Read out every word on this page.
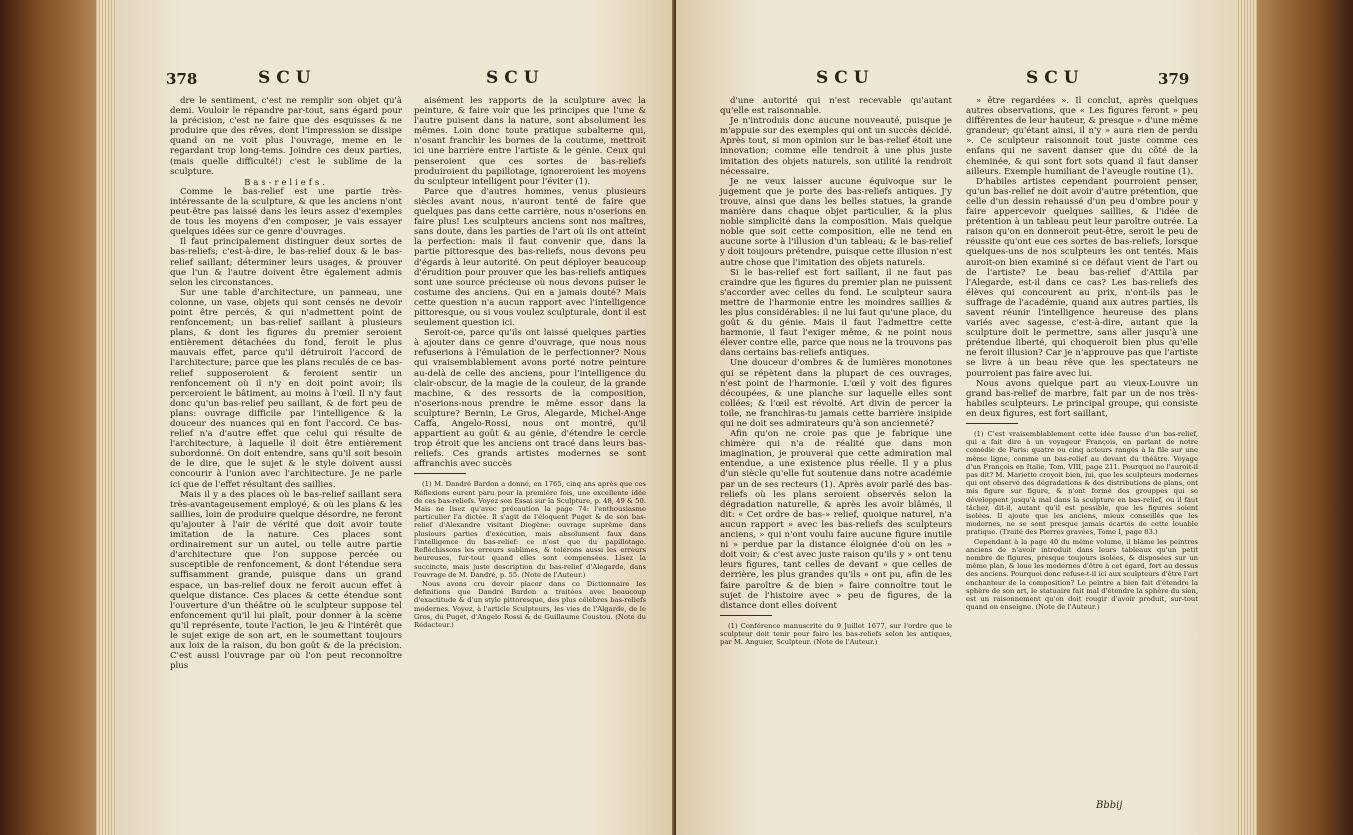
378	SCU	SCU

dre le sentiment, c'est ne remplir son objet qu'à demi. Vouloir le répandre par-tout, sans égard pour la précision, c'est ne faire que des esquisses & ne produire que des rêves, dont l'impression se dissipe quand on ne voit plus l'ouvrage, meme en le regardant trop long-tems. Joindre ces deux parties, (mais quelle difficulté!) c'est le sublime de la sculpture.

Bas-reliefs.

Comme le bas-relief est une partie très-intéressante de la sculpture, & que les anciens n'ont peut-être pas laissé dans les leurs assez d'exemples de tous les moyens d'en composer, je vais essayer quelques idées sur ce genre d'ouvrages.

Il faut principalement distinguer deux sortes de bas-reliefs; c'est-à-dire, le bas-relief doux & le bas-relief saillant; déterminer leurs usages, & prouver que l'un & l'autre doivent être également admis selon les circonstances.

Sur une table d'architecture, un panneau, une colonne, un vase, objets qui sont censés ne devoir point être percés, & qui n'admettent point de renfoncement; un bas-relief saillant à plusieurs plans, & dont les figures du premier seroient entièrement détachées du fond, feroit le plus mauvais effet, parce qu'il détruiroit l'accord de l'architecture; parce que les plans reculés de ce bas-relief supposeroient & feroient sentir un renfoncement où il n'y en doit point avoir; ils perceroient le bâtiment, au moins à l'œil. Il n'y faut donc qu'un bas-relief peu saillant, & de fort peu de plans: ouvrage difficile par l'intelligence & la douceur des nuances qui en font l'accord. Ce bas-relief n'a d'autre effet que celui qui résulte de l'architecture, à laquelle il doit être entièrement subordonné. On doit entendre, sans qu'il soit besoin de le dire, que le sujet & le style doivent aussi concourir à l'union avec l'architecture. Je ne parle ici que de l'effet résultant des saillies.

Mais il y a des places où le bas-relief saillant sera très-avantageusement employé, & où les plans & les saillies, loin de produire quelque désordre, ne feront qu'ajouter à l'air de vérité que doit avoir toute imitation de la nature. Ces places sont ordinairement sur un autel, ou telle autre partie d'architecture que l'on suppose percée ou susceptible de renfoncement, & dont l'étendue sera suffisamment grande, puisque dans un grand espace, un bas-relief doux ne feroit aucun effet à quelque distance. Ces places & cette étendue sont l'ouverture d'un théâtre où le sculpteur suppose tel enfoncement qu'il lui plaît, pour donner à la scène qu'il représente, toute l'action, le jeu & l'intérêt que le sujet exige de son art, en le soumettant toujours aux loix de la raison, du bon goût & de la précision. C'est aussi l'ouvrage par où l'on peut reconnoître plus

aisément les rapports de la sculpture avec la peinture, & faire voir que les principes que l'une & l'autre puisent dans la nature, sont absolument les mêmes. Loin donc toute pratique subalterne qui, n'osant franchir les bornes de la coutume, mettroit ici une barrière entre l'artiste & le génie. Ceux qui penseroient que ces sortes de bas-reliefs produiroient du papillotage, ignoreroient les moyens du sculpteur intelligent pour l'éviter (1).

Parce que d'autres hommes, venus plusieurs siècles avant nous, n'auront tenté de faire que quelques pas dans cette carrière, nous n'oserions en faire plus! Les sculpteurs anciens sont nos maîtres, sans doute, dans les parties de l'art où ils ont atteint la perfection: mais il faut convenir que, dans la partie pittoresque des bas-reliefs, nous devons peu d'égards à leur autorité. On peut déployer beaucoup d'érudition pour prouver que les bas-reliefs antiques sont une source précieuse où nous devons puiser le costume des anciens. Qui en a jamais douté? Mais cette question n'a aucun rapport avec l'intelligence pittoresque, ou si vous voulez sculpturale, dont il est seulement question ici.

Seroit-ce, parce qu'ils ont laissé quelques parties à ajouter dans ce genre d'ouvrage, que nous nous refuserions à l'émulation de le perfectionner? Nous qui vraisemblablement avons porté notre peinture au-delà de celle des anciens, pour l'intelligence du clair-obscur, de la magie de la couleur, de la grande machine, & des ressorts de la composition, n'oserions-nous prendre le même essor dans la sculpture? Bernin, Le Gros, Alegarde, Michel-Ange Caffa, Angelo-Rossi, nous ont montré, qu'il appartient au goût & au génie, d'étendre le cercle trop étroit que les anciens ont tracé dans leurs bas-reliefs. Ces grands artistes modernes se sont affranchis avec succès

(1) M. Dandré Bardon a donné, en 1765, cinq ans après que ces Réflexions eurent paru pour la première fois, une excellente idée de ces bas-reliefs. Voyez son Essai sur la Sculpture, p. 48, 49 & 50. Mais ne lisez qu'avec précaution la page 74: l'enthousiasme particulier l'a dictée. Il s'agit de l'éloquent Puget & de son bas-relief d'Alexandre visitant Diogène: ouvrage suprême dans plusieurs parties d'exécution, mais absolument faux dans l'intelligence du bas-relief: ce n'est que du papillotage. Refléchissons les erreurs sublimes, & tolérons aussi les erreurs heureuses, fur-tout quand elles sont compensées. Lisez la succincte, mais juste description du bas-relief d'Alegarde, dans l'ouvrage de M. Dandré, p. 55. (Note de l'Auteur.)

Nous avons cru devoir placer dans ce Dictionnaire les definitions que Dandré Bardon a traitées avec beaucoup d'exactitude & d'un style pittoresque, des plus célèbres bas-reliefs modernes. Voyez, à l'article Sculpteurs, les vies de l'Algarde, de le Gros, du Puget, d'Angelo Rossi & de Guillaume Coustou. (Note du Rédacteur.)

SCU	SCU	379

d'une autorité qui n'est recevable qu'autant qu'elle est raisonnable.

Je n'introduis donc aucune nouveauté, puisque je m'appuie sur des exemples qui ont un succès décidé. Après tout, si mon opinion sur le bas-relief étoit une innovation; comme elle tendroit à une plus juste imitation des objets naturels, son utilité la rendroit nécessaire.

Je ne veux laisser aucune équivoque sur le jugement que je porte des bas-reliefs antiques. J'y trouve, ainsi que dans les belles statues, la grande manière dans chaque objet particulier, & la plus noble simplicité dans la composition. Mais quelque noble que soit cette composition, elle ne tend en aucune sorte à l'illusion d'un tableau; & le bas-relief y doit toujours prétendre, puisque cette illusion n'est autre chose que l'imitation des objets naturels.

Si le bas-relief est fort saillant, il ne faut pas craindre que les figures du premier plan ne puissent s'accorder avec celles du fond. Le sculpteur saura mettre de l'harmonie entre les moindres saillies & les plus considérables: il ne lui faut qu'une place, du goût & du génie. Mais il faut l'admettre cette harmonie, il faut l'exiger même, & ne point nous élever contre elle, parce que nous ne la trouvons pas dans certains bas-reliefs antiques.

Une douceur d'ombres & de lumières monotones qui se répètent dans la plupart de ces ouvrages, n'est point de l'harmonie. L'œil y voit des figures découpées, & une planche sur laquelle elles sont collées; & l'œil est révolté. Art divin de percer la toile, ne franchiras-tu jamais cette barrière insipide qui ne doit ses admirateurs qu'à son ancienneté?

Afin qu'on ne croie pas que je fabrique une chimère qui n'a de réalité que dans mon imagination, je prouverai que cette admiration mal entendue, a une existence plus réelle. Il y a plus d'un siècle qu'elle fut soutenue dans notre académie par un de ses recteurs (1). Après avoir parlé des bas-reliefs où les plans seroient observés selon la dégradation naturelle, & après les avoir blâmés, il dit: « Cet ordre de bas-» relief, quoique naturel, n'a aucun rapport » avec les bas-reliefs des sculpteurs anciens, » qui n'ont voulu faire aucune figure inutile ni » perdue par la distance éloignée d'où on les » doit voir; & c'est avec juste raison qu'ils y » ont tenu leurs figures, tant celles de devant » que celles de derrière, les plus grandes qu'ils » ont pu, afin de les faire paroître & de bien » faire connoître tout le sujet de l'histoire avec » peu de figures, de la distance dont elles doivent

(1) Conférence manuscrite du 9 Juillet 1677, sur l'ordre que le sculpteur doit tenir pour faire les bas-reliefs selon les antiques, par M. Anguier, Sculpteur. (Note de l'Auteur.)

» être regardées ». Il conclut, après quelques autres observations, que « Les figures feront » peu différentes de leur hauteur, & presque » d'une même grandeur; qu'étant ainsi, il n'y » aura rien de perdu ». Ce sculpteur raisonnoit tout juste comme ces enfans qui ne savent danser que du côté de la cheminée, & qui sont fort sots quand il faut danser ailleurs. Exemple humiliant de l'aveugle routine (1).

D'habiles artistes cependant pourroient penser, qu'un bas-relief ne doit avoir d'autre prétention, que celle d'un dessin rehaussé d'un peu d'ombre pour y faire appercevoir quelques saillies, & l'idée de prétention à un tableau peut leur paroître outrée. La raison qu'on en donneroit peut-être, seroit le peu de réussite qu'ont eue ces sortes de bas-reliefs, lorsque quelques-uns de nos sculpteurs les ont tentés. Mais auroit-on bien examiné si ce défaut vient de l'art ou de l'artiste? Le beau bas-relief d'Attila par l'Alegarde, est-il dans ce cas? Les bas-reliefs des élèves qui concourent au prix, n'ont-ils pas le suffrage de l'académie, quand aux autres parties, ils savent réunir l'intelligence heureuse des plans variés avec sagesse, c'est-à-dire, autant que la sculpture doit le permettre, sans aller jusqu'à une prétendue liberté, qui choqueroit bien plus qu'elle ne feroit illusion? Car je n'approuve pas que l'artiste se livre à un beau rêve que les spectateurs ne pourroient pas faire avec lui.

Nous avons quelque part au vieux-Louvre un grand bas-relief de marbre, fait par un de nos très-habiles sculpteurs. Le principal groupe, qui consiste en deux figures, est fort saillant,

(1) C'est vraisemblablement cette idée fausse d'un bas-relief, qui a fait dire à un voyageur François, en parlant de notre comédie de Paris: quatre ou cinq acteurs rangés à la file sur une même ligne, comme un bas-relief au devant du théâtre. Voyage d'un François en Italie, Tom. VIII, page 211. Pourquoi ne l'auroit-il pas dit? M. Mariette croyoit bien, lui, que les sculpteurs modernes qui ont observé des dégradations & des distributions de plans, ont mis figure sur figure, & n'ont formé des grouppes qui se développent jusqu'à mal dans la sculpture en bas-relief, ou il faut tâcher, dit-il, autant qu'il est possible, que les figures soient isolées. Il ajoute que les anciens, mieux conseillés que les modernes, ne se sont presque jamais écartés de cette louable pratique. (Traité des Pierres gravées, Tome I, page 83.)

Cependant à la page 40 du même volume, il blâme les peintres anciens de n'avoir introduit dans leurs tableaux qu'un petit nombre de figures, presque toujours isolées, & disposées sur un même plan, & loue les modernes d'être à cet égard, fort au dessus des anciens. Pourquoi donc refuse-t-il ici aux sculpteurs d'être l'art enchanteur de la composition? Le peintre a bien fait d'étendre la sphère de son art, le statuaire fait mal d'étendre la sphère du sien, est un raisonnement qu'on doit rougir d'avoir produit, sur-tout quand on enseigne. (Note de l'Auteur.)

Bbbij
